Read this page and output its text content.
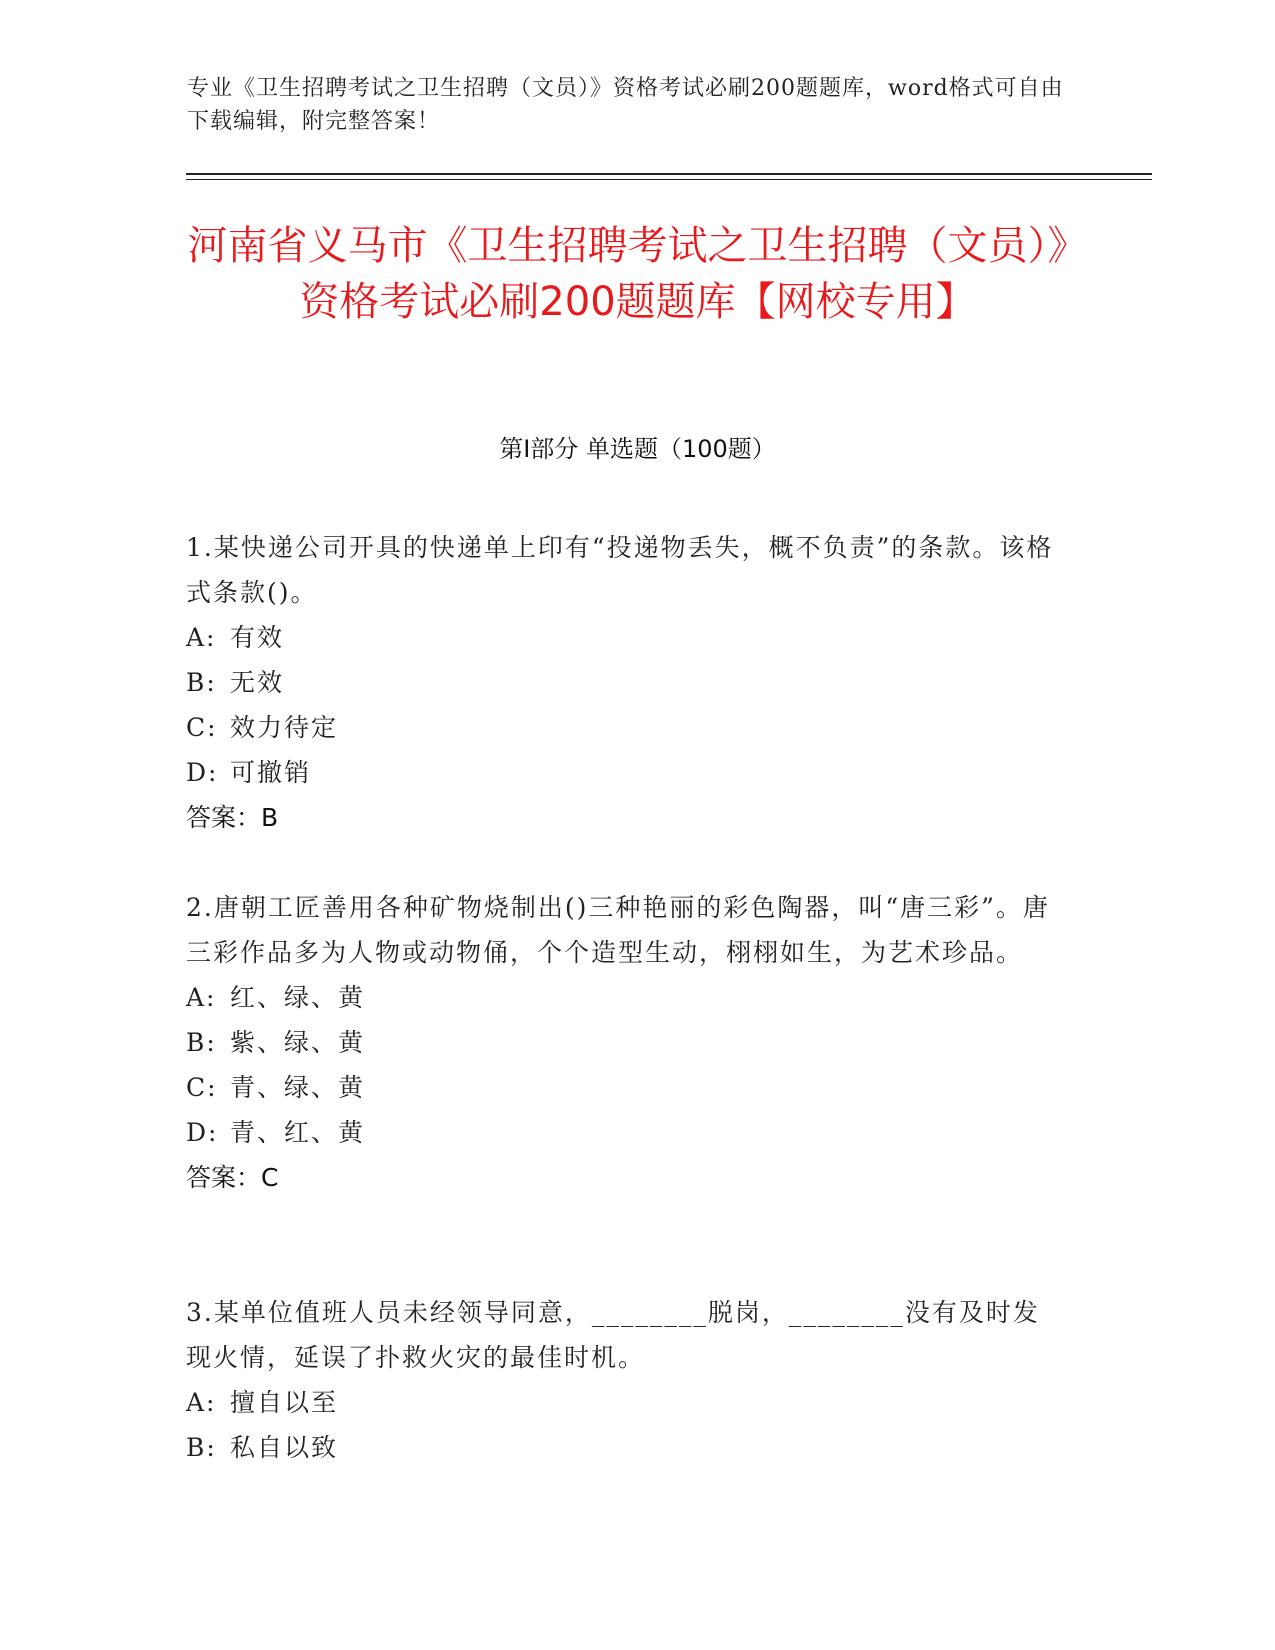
专业《卫生招聘考试之卫生招聘（文员）》资格考试必刷200题题库，word格式可自由下载编辑，附完整答案！
河南省义马市《卫生招聘考试之卫生招聘（文员）》资格考试必刷200题题库【网校专用】
第Ⅰ部分 单选题（100题）
1.某快递公司开具的快递单上印有“投递物丢失，概不负责”的条款。该格式条款()。
A: 有效
B: 无效
C: 效力待定
D: 可撤销
答案：B
2.唐朝工匠善用各种矿物烧制出()三种艳丽的彩色陶器，叫“唐三彩”。唐三彩作品多为人物或动物俑，个个造型生动，栩栩如生，为艺术珍品。
A: 红、绿、黄
B: 紫、绿、黄
C: 青、绿、黄
D: 青、红、黄
答案：C
3.某单位值班人员未经领导同意，________脱岗，________没有及时发现火情，延误了扑救火灾的最佳时机。
A: 擅自以至
B: 私自以致
